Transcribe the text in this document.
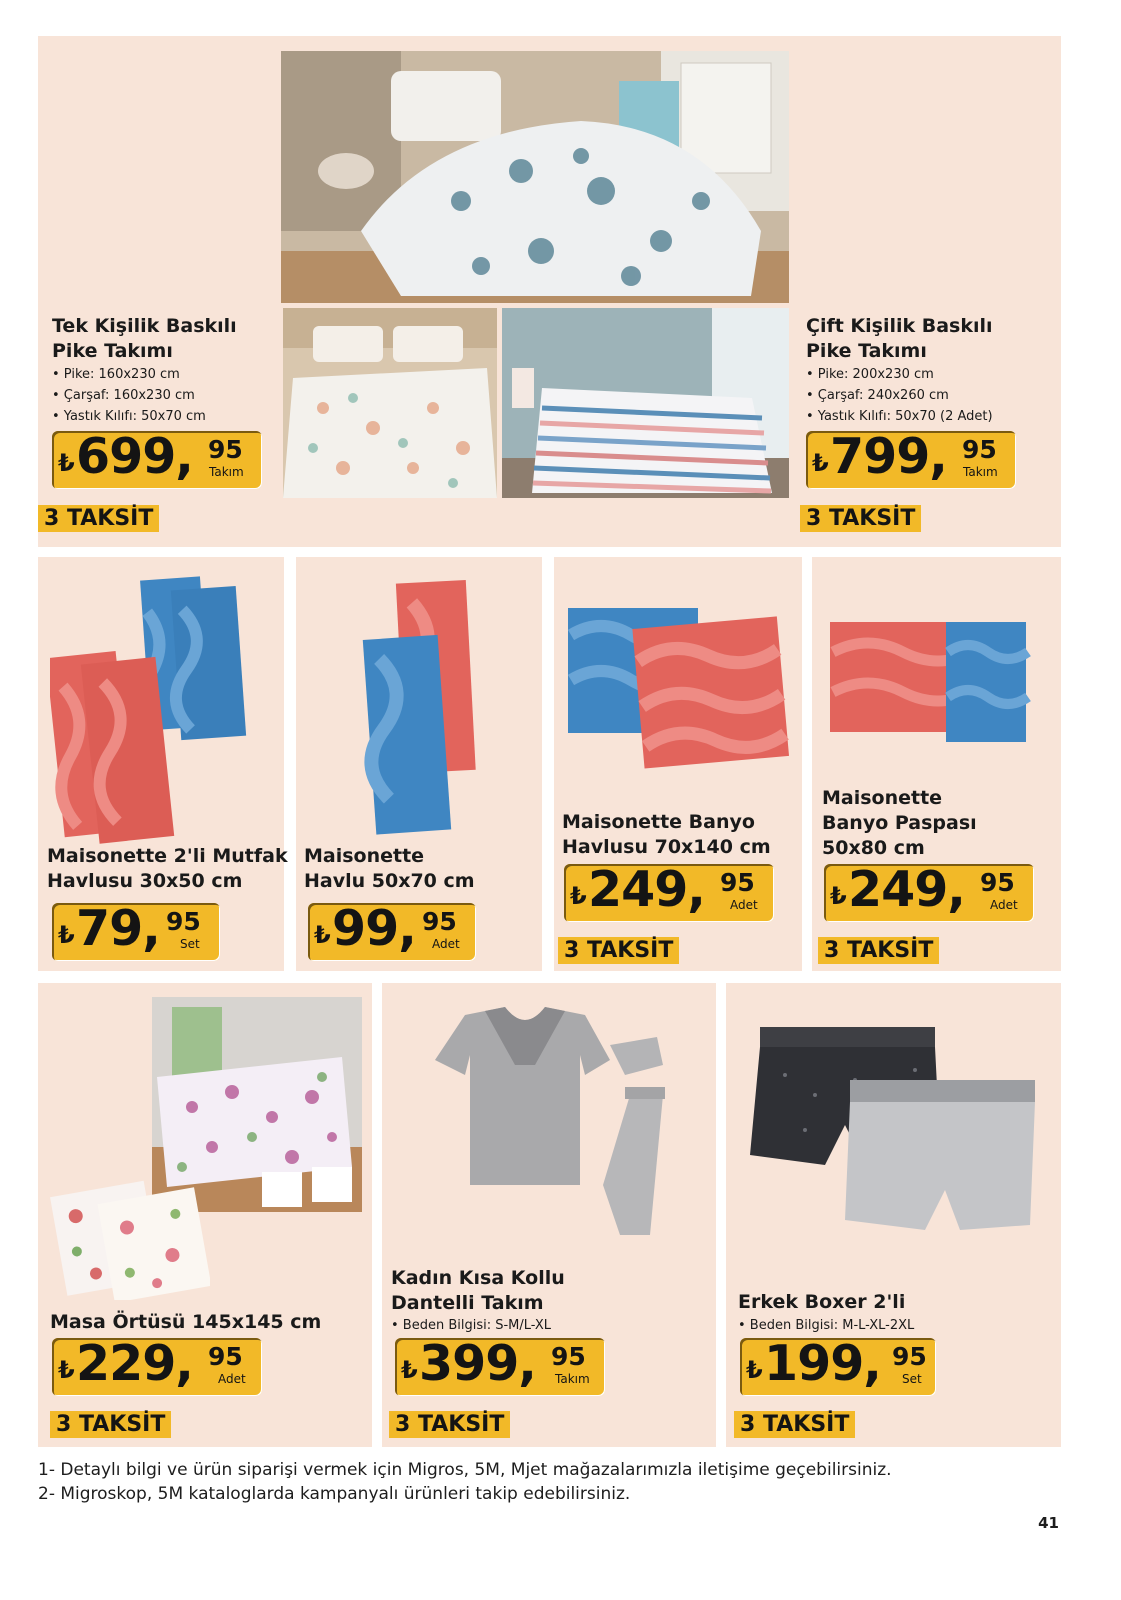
Tek Kişilik Baskılı
Pike Takımı
• Pike: 160x230 cm
• Çarşaf: 160x230 cm
• Yastık Kılıfı: 50x70 cm
₺ 699, 95
Takım
3 TAKSİT
Çift Kişilik Baskılı
Pike Takımı
• Pike: 200x230 cm
• Çarşaf: 240x260 cm
• Yastık Kılıfı: 50x70 (2 Adet)
₺ 799, 95
Takım
3 TAKSİT
Maisonette 2'li Mutfak
Havlusu 30x50 cm
₺ 79, 95
Set
Maisonette
Havlu 50x70 cm
₺ 99, 95
Adet
Maisonette Banyo
Havlusu 70x140 cm
₺ 249, 95
Adet
3 TAKSİT
Maisonette
Banyo Paspası
50x80 cm
₺ 249, 95
Adet
3 TAKSİT
Masa Örtüsü 145x145 cm
₺ 229, 95
Adet
3 TAKSİT
Kadın Kısa Kollu
Dantelli Takım
• Beden Bilgisi: S-M/L-XL
₺ 399, 95
Takım
3 TAKSİT
Erkek Boxer 2'li
• Beden Bilgisi: M-L-XL-2XL
₺ 199, 95
Set
3 TAKSİT
1- Detaylı bilgi ve ürün siparişi vermek için Migros, 5M, Mjet mağazalarımızla iletişime geçebilirsiniz.
2- Migroskop, 5M kataloglarda kampanyalı ürünleri takip edebilirsiniz.
41
